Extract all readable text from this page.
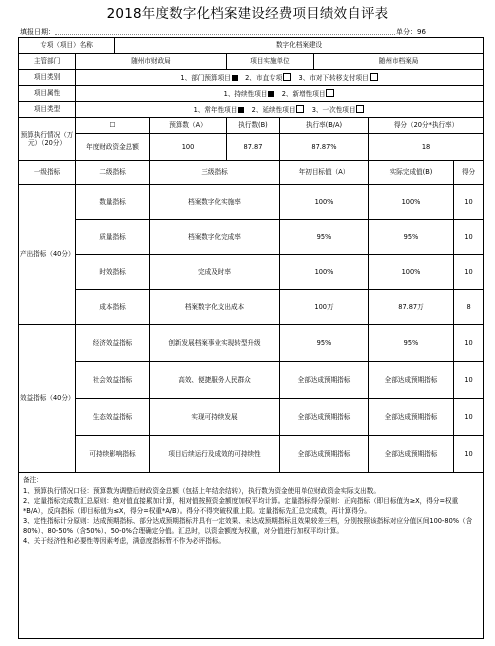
2018年度数字化档案建设经费项目绩效自评表
填报日期：	单分：96
专项（项目）名称		数字化档案建设						
主管部门	随州市财政局			项目实施单位		随州市档案局		
项目类别	1、部门预算项目 2、市直专项 3、市对下转移支付项目							
项目属性	1、持续性项目 2、新增性项目							
项目类型	1、常年性项目 2、延续性项目 3、一次性项目							
预算执行情况（万元）（20分）	☐		预算数（A）	执行数(B)	执行率(B/A)		得分（20分*执行率）	
	年度财政资金总额		100	87.87	87.87%		18	
一级指标	二级指标		三级指标		年初目标值（A）		实际完成值(B)	得分
产出指标（40分）	数量指标		档案数字化实施率		100%		100%	10
	质量指标		档案数字化完成率		95%		95%	10
	时效指标		完成及时率		100%		100%	10
	成本指标		档案数字化支出成本		100万		87.87万	8
效益指标（40分）	经济效益指标		创新发展档案事业实现转型升级		95%		95%	10
	社会效益指标		高效、便捷服务人民群众		全部达成预期指标		全部达成预期指标	10
	生态效益指标		实现可持续发展		全部达成预期指标		全部达成预期指标	10
	可持续影响指标		项目后续运行及成效的可持续性		全部达成预期指标		全部达成预期指标	10

备注：
1、预算执行情况口径：预算数为调整后财政资金总额（包括上年结余结转），执行数为资金使用单位财政资金实际支出数。
2、定量指标完成数汇总原则：绝对值直接累加计算，相对值按照资金额度加权平均计算。定量指标得分原则：正向指标（即目标值为≥X，得分=权重*B/A），反向指标（即目标值为≤X，得分=权重*A/B）。得分不得突破权重上限。定量指标先汇总完成数，再计算得分。
3、定性指标计分原则：达成预期指标、部分达成预期指标并具有一定效果、未达成预期指标且效果较差三档，分别按照该指标对应分值区间100-80%（含80%）、80-50%（含50%）、50-0%合理确定分值。汇总时，以资金额度为权重，对分值进行加权平均计算。
4、关于经济性和必要性等因素考虑，满意度指标暂不作为必评指标。								
